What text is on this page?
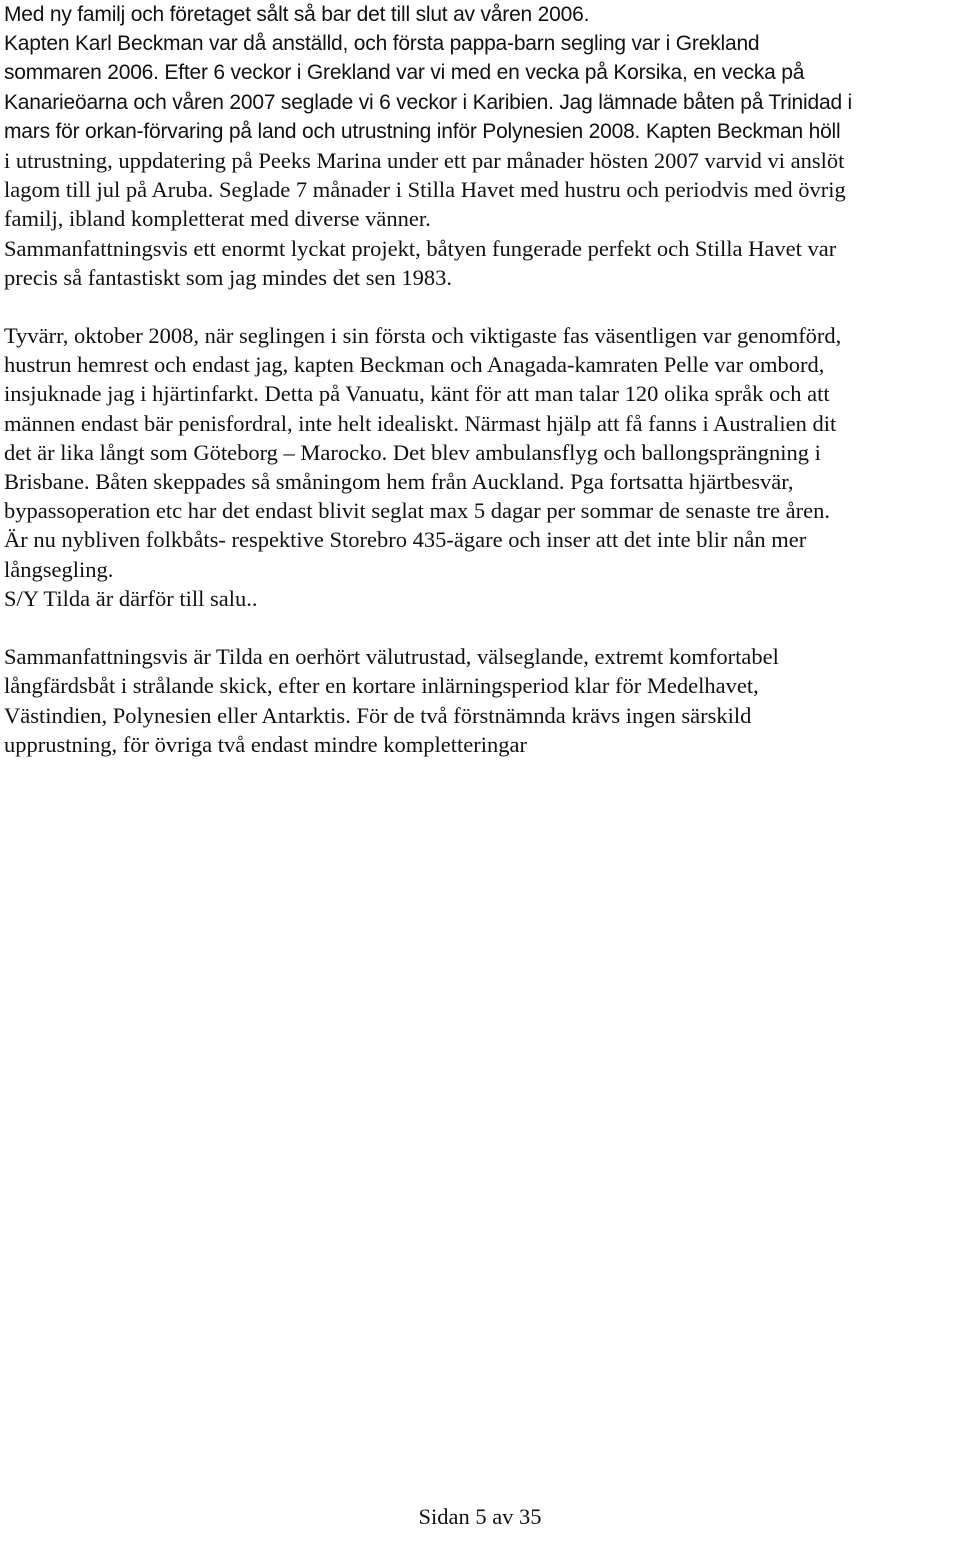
Med ny familj och företaget sålt så bar det till slut av våren 2006.
Kapten Karl Beckman var då anställd, och första pappa-barn segling var i Grekland
sommaren 2006. Efter 6 veckor i Grekland var vi med en vecka på Korsika, en vecka på
Kanarieöarna och våren 2007 seglade vi 6 veckor i Karibien. Jag lämnade båten på Trinidad i
mars för orkan-förvaring på land och utrustning inför Polynesien 2008. Kapten Beckman höll
i utrustning, uppdatering på Peeks Marina under ett par månader hösten 2007 varvid vi anslöt
lagom till jul på Aruba. Seglade 7 månader i Stilla Havet med hustru och periodvis med övrig
familj, ibland kompletterat med diverse vänner.
Sammanfattningsvis ett enormt lyckat projekt, båtyen fungerade perfekt och Stilla Havet var
precis så fantastiskt som jag mindes det sen 1983.
Tyvärr, oktober 2008, när seglingen i sin första och viktigaste fas väsentligen var genomförd,
hustrun hemrest och endast jag, kapten Beckman och Anagada-kamraten Pelle var ombord,
insjuknade jag i hjärtinfarkt. Detta på Vanuatu, känt för att man talar 120 olika språk och att
männen endast bär penisfordral, inte helt idealiskt. Närmast hjälp att få fanns i Australien dit
det är lika långt som Göteborg – Marocko. Det blev ambulansflyg och ballongsprängning i
Brisbane. Båten skeppades så småningom hem från Auckland. Pga fortsatta hjärtbesvär,
bypassoperation etc har det endast blivit seglat max 5 dagar per sommar de senaste tre åren.
Är nu nybliven folkbåts- respektive Storebro 435-ägare och inser att det inte blir nån mer
långsegling.
S/Y Tilda är därför till salu..
Sammanfattningsvis är Tilda en oerhört välutrustad, välseglande, extremt komfortabel
långfärdsbåt i strålande skick, efter en kortare inlärningsperiod klar för Medelhavet,
Västindien, Polynesien eller Antarktis. För de två förstnämnda krävs ingen särskild
upprustning, för övriga två endast mindre kompletteringar
Sidan 5 av 35
